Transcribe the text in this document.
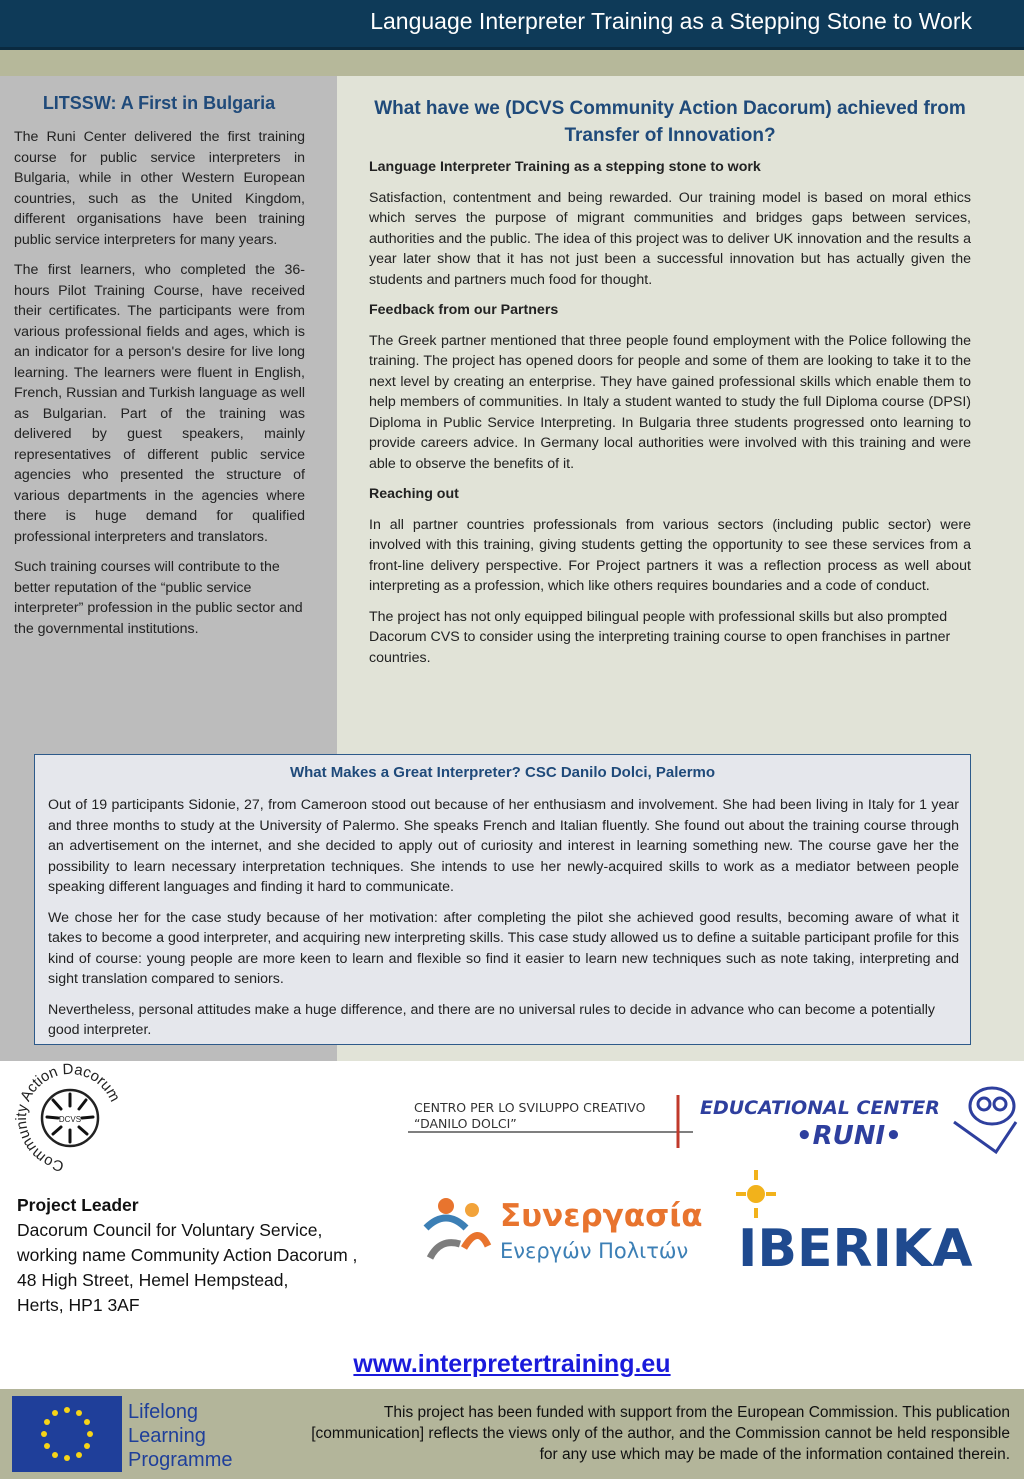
Language Interpreter Training as a Stepping Stone to Work
LITSSW: A First in Bulgaria

The Runi Center delivered the first training course for public service interpreters in Bulgaria, while in other Western European countries, such as the United Kingdom, different organisations have been training public service interpreters for many years.

The first learners, who completed the 36-hours Pilot Training Course, have received their certificates. The participants were from various professional fields and ages, which is an indicator for a person's desire for live long learning. The learners were fluent in English, French, Russian and Turkish language as well as Bulgarian. Part of the training was delivered by guest speakers, mainly representatives of different public service agencies who presented the structure of various departments in the agencies where there is huge demand for qualified professional interpreters and translators.

Such training courses will contribute to the better reputation of the “public service interpreter” profession in the public sector and the governmental institutions.

What have we (DCVS Community Action Dacorum) achieved from Transfer of Innovation?
Language Interpreter Training as a stepping stone to work

Satisfaction, contentment and being rewarded. Our training model is based on moral ethics which serves the purpose of migrant communities and bridges gaps between services, authorities and the public. The idea of this project was to deliver UK innovation and the results a year later show that it has not just been a successful innovation but has actually given the students and partners much food for thought.

Feedback from our Partners

The Greek partner mentioned that three people found employment with the Police following the training. The project has opened doors for people and some of them are looking to take it to the next level by creating an enterprise. They have gained professional skills which enable them to help members of communities. In Italy a student wanted to study the full Diploma course (DPSI) Diploma in Public Service Interpreting. In Bulgaria three students progressed onto learning to provide careers advice. In Germany local authorities were involved with this training and were able to observe the benefits of it.

Reaching out

In all partner countries professionals from various sectors (including public sector) were involved with this training, giving students getting the opportunity to see these services from a front-line delivery perspective. For Project partners it was a reflection process as well about interpreting as a profession, which like others requires boundaries and a code of conduct.

The project has not only equipped bilingual people with professional skills but also prompted Dacorum CVS to consider using the interpreting training course to open franchises in partner countries.

What Makes a Great Interpreter? CSC Danilo Dolci, Palermo

Out of 19 participants Sidonie, 27, from Cameroon stood out because of her enthusiasm and involvement. She had been living in Italy for 1 year and three months to study at the University of Palermo. She speaks French and Italian fluently. She found out about the training course through an advertisement on the internet, and she decided to apply out of curiosity and interest in learning something new. The course gave her the possibility to learn necessary interpretation techniques. She intends to use her newly-acquired skills to work as a mediator between people speaking different languages and finding it hard to communicate.

We chose her for the case study because of her motivation: after completing the pilot she achieved good results, becoming aware of what it takes to become a good interpreter, and acquiring new interpreting skills. This case study allowed us to define a suitable participant profile for this kind of course: young people are more keen to learn and flexible so find it easier to learn new techniques such as note taking, interpreting and sight translation compared to seniors.

Nevertheless, personal attitudes make a huge difference, and there are no universal rules to decide in advance who can become a potentially good interpreter.

Community Action Dacorum
DCVS
Project Leader
Dacorum Council for Voluntary Service,
working name Community Action Dacorum ,
48 High Street, Hemel Hempstead,
Herts, HP1 3AF
CENTRO PER LO SVILUPPO CREATIVO
“DANILO DOLCI”
EDUCATIONAL CENTER
•RUNI•
Συνεργασία
Ενεργών Πολιτών IBERIKA
www.interpretertraining.eu
Lifelong
Learning
Programme
This project has been funded with support from the European Commission. This publication [communication] reflects the views only of the author, and the Commission cannot be held responsible for any use which may be made of the information contained therein.
